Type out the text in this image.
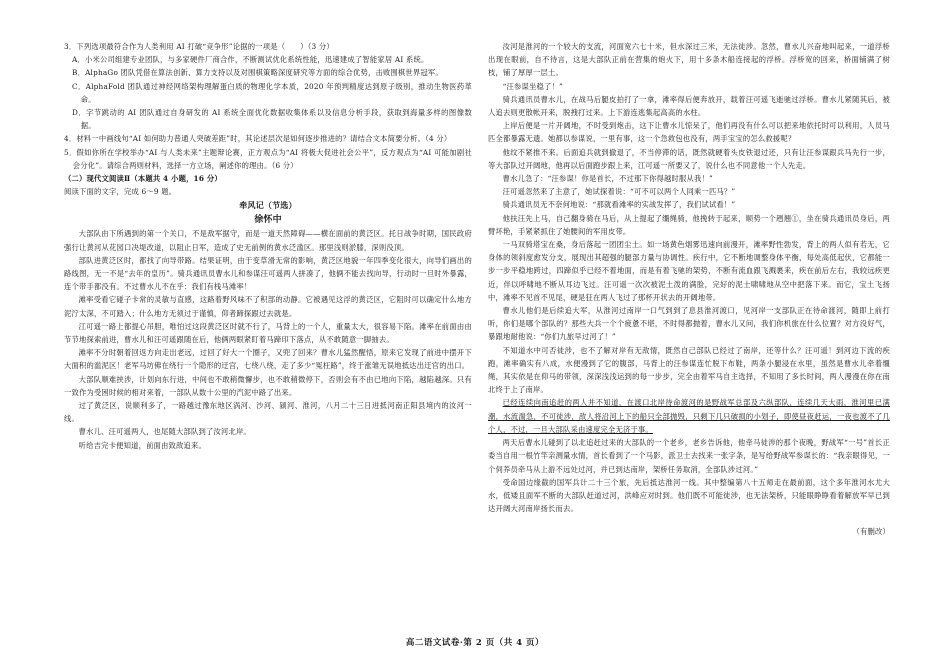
3．下列选项最符合作为人类利用 AI 打破“竞争形”论据的一项是（　　）（3 分）

A．小米公司组建专业团队，与多家硬件厂商合作，不断测试优化系统性能，迅速建成了智能家居 AI 系统。

B．AlphaGo 团队凭借在算法创新、算力支持以及对围棋策略深度研究等方面的综合优势，击败围棋世界冠军。

C．AlphaFold 团队通过神经网络架构理解蛋白质的物理化学本质，2020 年预判精度达到原子级别，推动生物医药革命。

D．字节跳动的 AI 团队通过自身研发的 AI 系统全面优化数据收集体系以及信息分析手段，获取到海量多样的图像数据。

4．材料一中画线句“AI 如何助力普通人突破差距”时，其论述层次是如何逐步推进的？请结合文本简要分析。（4 分）

5．假如你所在学校举办“AI 与人类未来”主题辩论赛，正方观点为“AI 将极大促进社会公平”，反方观点为“AI 可能加剧社会分化”。请综合两则材料，选择一方立场，阐述你的理由。（6 分）

（二）现代文阅读Ⅱ（本题共 4 小题，16 分）

阅读下面的文字，完成 6～9 题。

牵风记（节选）
徐怀中

大部队由下所遇到的第一个关口，不是敌军据守，而是一道天然障碍——横在面前的黄泛区。托日战争时期，国民政府强行让黄河从花园口决堤改道，以阻止日军，造成了史无前例的黄水泛滥区。那里浅则淤膝，深则没顶。

部队进黄泛区时，都找了向导带路。结果证明，由于变草滑无常的影响，黄泛区地貌一年四季变化很大，向导们画出的路线图，无一不是“去年的皇历”。骑兵通讯员曹水儿和参谋汪可遥两人拼凑了，他俩不能去找向导，行动时一旦时外暴露，连个带手都没有。不过曹水儿不在乎：我们有栈马滩率！

滩率受看它碰子卡常的灵敏与直感，这路着野风味不了积部的动静。它被遇见这浮的黄泛区，它阻时可以确定什么地方泥泞太深，不可踏入；什么地方无须过于谨慎，仰者蹄探跟过去就是。

江可遥一路上都提心吊胆，唯怕过这段黄泛区时就不行了，马背上的一个人，重量太大，很容易下陷。滩率在前面由由节节地探索前进，曹水儿和汪可遥跟随在后，他俩两眼紧盯着马蹄印下落点，从不敢随意一脚抽去。

滩率不分时朝着回返方向走出老远，过回了好大一个圈子，又兜了回来？曹水儿猛然醒悟，原来它发现了前进中摆开下大面积的滥泥区！老军马坊佛在绕行一个隐形的迂宫，七绕八绕，走了多少“冤枉路”，终于涨雏无误地抵达出迂官的出口。

大部队顺难挟涉，计划向东行进，中间也不敢稍微懈步，也不敢稍微停下，否则会有不由已地向下陷，越陷越深。只有一致作为受困时候的相对来着，一部队从数十公里的汽泥中路了出来。

过了黄泛区，说顺利多了，一路越过豫东地区涡河、沙河、颍河、淮河，八月二十三日进抵河南正阳县境内的汝河一线。

曹水儿、汪可遥两人，也尾随大部队到了汝河北岸。

听给吉完卡便知道，前面由致敌追来。

汝河是淮河的一个较大的支流，河面宽六七十米，但水深过三米，无法徒涉。忽然，曹水儿兴奋地叫起来，一道浮桥出现在眼前，自不待言，这是大部队正前在营集的炮火下，用十多条木船连接起的浮桥。浮桥宽的回来，桥面铺满了树枝，铺了厚厚一层土。

“汪参谋坐稳了！”

骑兵通讯员曹水儿，在战马后腿皮拍打了一拿，滩率得后便奔放开，载着汪可遥飞逝驰过浮桥。曹水儿紧随其后，被人追去则更散帐开来，脱拽打过来。上下游连逃集起高高的水柱。

上岸后便是一片开阔地，不时受到炮击，这下让曹水儿惊呆了，他们再没有什么可以把来地依托时可以利用，人员马匹全都暴露无遗。她都以参谋说，一里有事，这一个急救包也没有，两手宝宝的怎么救援呢？

他纹不紧推不来。后面追兵就到撤退了，不当停滞的话，既然就硬着头皮铁退过还，只有让汪参谋跟兵马先行一步，等大部队过开阔地，他再以后面跑步跟上来，江可遥一所要又了，说什么也不同意他一个人先走。

曹水儿急了：“汪参谋！你是首长，不过那下你得越时服从我！”

汪可遥忽然来了主意了，她试探着说：“可不可以两个人同乘一匹马？”

骑兵通讯员无不奈何地说：“那就看滩率的实战发挥了，我们试试看！”

他扶汪先上马，自己翻身骑在马后，从上提起了缰绳骑，他挽转于起来，顺势一个趔翘①，坐在骑兵通讯员身后，两臂坏艳，手紧紧抓住了她腰间的军用皮带。

一马双骑塔宝在桑，身后落起一团团尘土。如一场黄色烟雾迅速向前漫开，滩率野性勃发，背上的两人似有若无，它身体的领斜度愈发分支，展现出其超强的腿部力量与协调性。疾行中，它不断地调整身体平衡，每处高低起伏，它都能一步一步平稳地跨过，四蹄似乎已经不着地面，而是有着飞驰的架势，不断有流血跟飞溅裹来，疾在前后左右，我较远疾更近，伴以呼啸地不断从耳边飞过。汪可遥一次次被泥土泼的满脸，完好的泥士啸啸地从空中把落下来。而它，宝土飞扬中，滩率不见首不见尾，硬是狂在两人飞过了那杯开状去的开阔地带。

曹水儿他们是后续追大军，从淮河过南岸一口气到到了息县淮河渡口，见河岸一支部队正在待命渡河，随即上前打听，你们是哪个部队的？那些大兵一个个疲惫不堪，不时得都抛着，曹水儿又问，我们你机旅在什么位置？对方没好气，暴跟地耐他说：“你们九旅早过河了！”

不知道水中可否徒涉，也不了解对岸有无敌情，既然自己部队已经过了南岸，还等什么？汪可遥！到河边下流的疾跑，滩率确实有八成，水便漫到了它的腹部，马背上的汪参谋连忙脱下布鞋，两条小腿浸在水里，虽然是曹水儿牵着缰绳，其实依是在仰马的带领，深深浅浅运到的每一步步，完全由着军马自主选择，不知用了多长时间，两人漫漫在你在南北终于上了南岸。

已经连续向南追赶的两人并不知道，在渡口北岸待命渡河的是野战军总部及六纵部队，连续几天大雨，淮河里已满潮，水流湍急，不可徒涉，敌人将沿河上下的船只全部抛毁，只剩下几只破损的小划子，即使昼夜赶运，一夜也渡不了几个人，不过，一旦大部队采由速度完全无济于事。

两天后曹水儿碰到了以北追赶过来的大部队的一个老乡，老乡告诉他，他牵马徒涉的那个夜晚，野战军“一号”首长正委当自用一根竹竿亲测量水情，首长看到了一个马影，派卫士去找来一张字条，是写给野战军参谋长的：“我亲眼得见，一个伺养员牵马从上游不远处过河，并已到达南岸，架桥任务取消，全部队涉过河。”

受命国边缘截的国军兵计二十三个旅，先后抵达淮河一线。其中整编第八十五师走在最前面，这个多年淮河水尤大水，低矮且面军不断的大部队赶道过河，洪峰应对时到。他们既不可能徒涉，也无法架桥，只能眼睁睁看着解放军早已到达开阔大河南岸扬长而去。

（有删改）

高二语文试卷·第 2 页（共 4 页）
